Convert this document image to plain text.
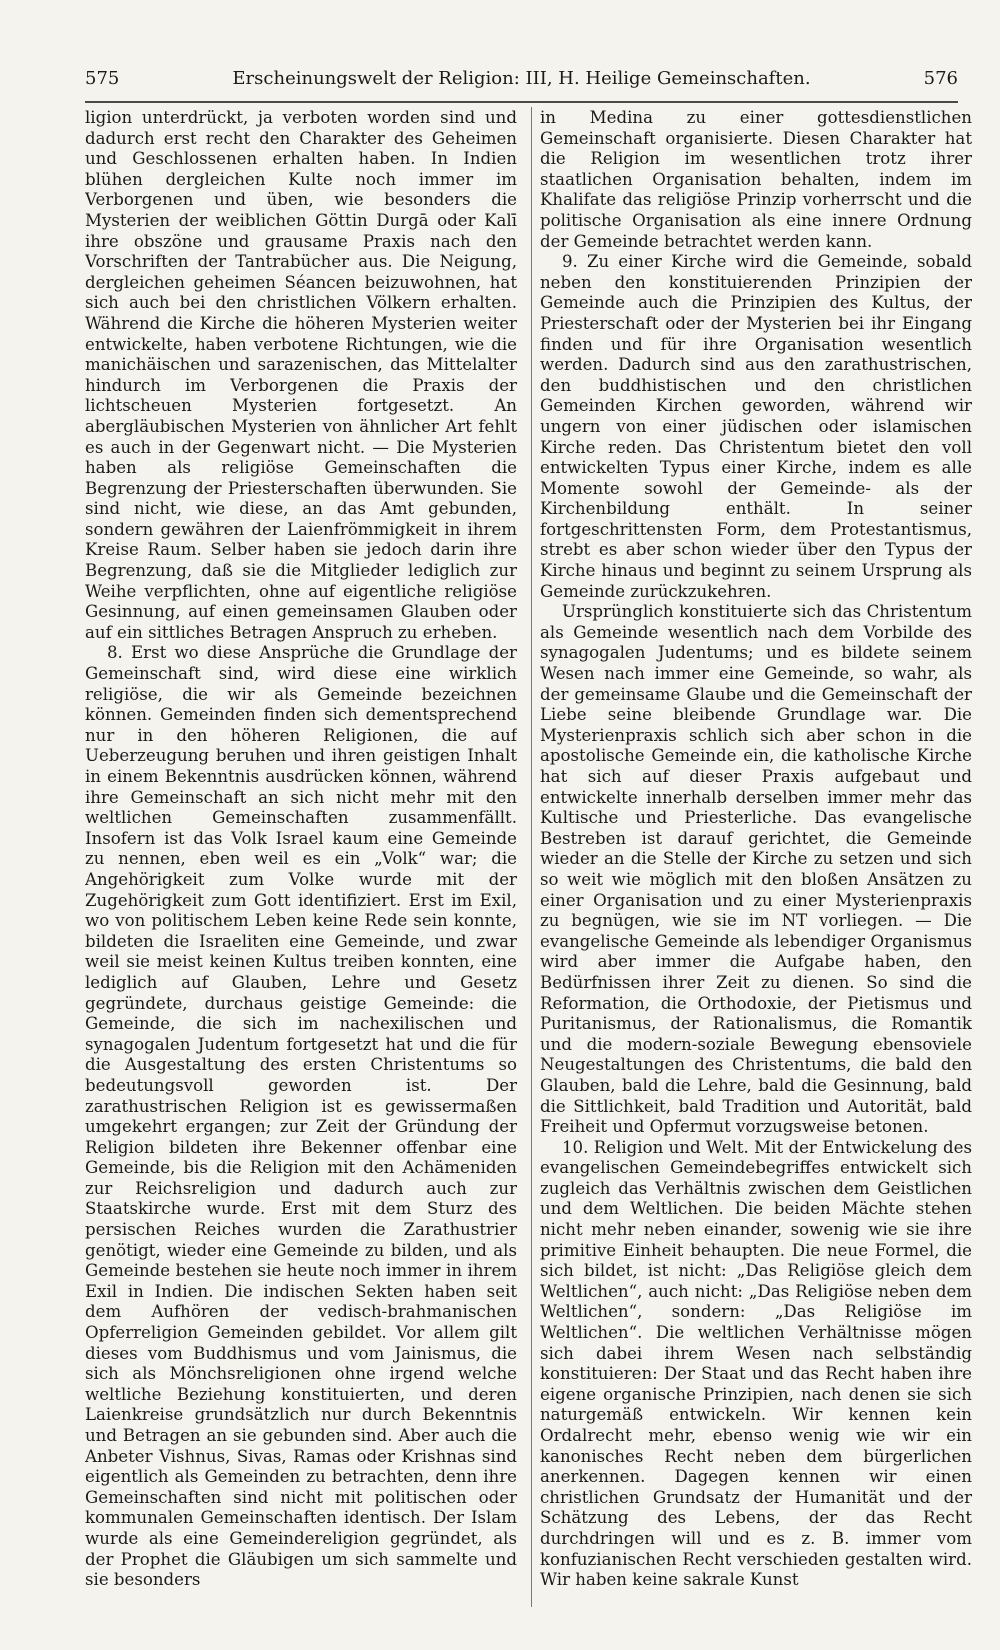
575	Erscheinungswelt der Religion: III, H. Heilige Gemeinschaften.	576

ligion unterdrückt, ja verboten worden sind und dadurch erst recht den Charakter des Geheimen und Geschlossenen erhalten haben. In Indien blühen dergleichen Kulte noch immer im Verborgenen und üben, wie besonders die Mysterien der weiblichen Göttin Durgā oder Kalī ihre obszöne und grausame Praxis nach den Vorschriften der Tantrabücher aus. Die Neigung, dergleichen geheimen Séancen beizuwohnen, hat sich auch bei den christlichen Völkern erhalten. Während die Kirche die höheren Mysterien weiter entwickelte, haben verbotene Richtungen, wie die manichäischen und sarazenischen, das Mittelalter hindurch im Verborgenen die Praxis der lichtscheuen Mysterien fortgesetzt. An abergläubischen Mysterien von ähnlicher Art fehlt es auch in der Gegenwart nicht. — Die Mysterien haben als religiöse Gemeinschaften die Begrenzung der Priesterschaften überwunden. Sie sind nicht, wie diese, an das Amt gebunden, sondern gewähren der Laienfrömmigkeit in ihrem Kreise Raum. Selber haben sie jedoch darin ihre Begrenzung, daß sie die Mitglieder lediglich zur Weihe verpflichten, ohne auf eigentliche religiöse Gesinnung, auf einen gemeinsamen Glauben oder auf ein sittliches Betragen Anspruch zu erheben.

8. Erst wo diese Ansprüche die Grundlage der Gemeinschaft sind, wird diese eine wirklich religiöse, die wir als Gemeinde bezeichnen können. Gemeinden finden sich dementsprechend nur in den höheren Religionen, die auf Ueberzeugung beruhen und ihren geistigen Inhalt in einem Bekenntnis ausdrücken können, während ihre Gemeinschaft an sich nicht mehr mit den weltlichen Gemeinschaften zusammenfällt. Insofern ist das Volk Israel kaum eine Gemeinde zu nennen, eben weil es ein „Volk“ war; die Angehörigkeit zum Volke wurde mit der Zugehörigkeit zum Gott identifiziert. Erst im Exil, wo von politischem Leben keine Rede sein konnte, bildeten die Israeliten eine Gemeinde, und zwar weil sie meist keinen Kultus treiben konnten, eine lediglich auf Glauben, Lehre und Gesetz gegründete, durchaus geistige Gemeinde: die Gemeinde, die sich im nachexilischen und synagogalen Judentum fortgesetzt hat und die für die Ausgestaltung des ersten Christentums so bedeutungsvoll geworden ist. Der zarathustrischen Religion ist es gewissermaßen umgekehrt ergangen; zur Zeit der Gründung der Religion bildeten ihre Bekenner offenbar eine Gemeinde, bis die Religion mit den Achämeniden zur Reichsreligion und dadurch auch zur Staatskirche wurde. Erst mit dem Sturz des persischen Reiches wurden die Zarathustrier genötigt, wieder eine Gemeinde zu bilden, und als Gemeinde bestehen sie heute noch immer in ihrem Exil in Indien. Die indischen Sekten haben seit dem Aufhören der vedisch-brahmanischen Opferreligion Gemeinden gebildet. Vor allem gilt dieses vom Buddhismus und vom Jainismus, die sich als Mönchsreligionen ohne irgend welche weltliche Beziehung konstituierten, und deren Laienkreise grundsätzlich nur durch Bekenntnis und Betragen an sie gebunden sind. Aber auch die Anbeter Vishnus, Sivas, Ramas oder Krishnas sind eigentlich als Gemeinden zu betrachten, denn ihre Gemeinschaften sind nicht mit politischen oder kommunalen Gemeinschaften identisch. Der Islam wurde als eine Gemeindereligion gegründet, als der Prophet die Gläubigen um sich sammelte und sie besonders

in Medina zu einer gottesdienstlichen Gemeinschaft organisierte. Diesen Charakter hat die Religion im wesentlichen trotz ihrer staatlichen Organisation behalten, indem im Khalifate das religiöse Prinzip vorherrscht und die politische Organisation als eine innere Ordnung der Gemeinde betrachtet werden kann.

9. Zu einer Kirche wird die Gemeinde, sobald neben den konstituierenden Prinzipien der Gemeinde auch die Prinzipien des Kultus, der Priesterschaft oder der Mysterien bei ihr Eingang finden und für ihre Organisation wesentlich werden. Dadurch sind aus den zarathustrischen, den buddhistischen und den christlichen Gemeinden Kirchen geworden, während wir ungern von einer jüdischen oder islamischen Kirche reden. Das Christentum bietet den voll entwickelten Typus einer Kirche, indem es alle Momente sowohl der Gemeinde- als der Kirchenbildung enthält. In seiner fortgeschrittensten Form, dem Protestantismus, strebt es aber schon wieder über den Typus der Kirche hinaus und beginnt zu seinem Ursprung als Gemeinde zurückzukehren.

Ursprünglich konstituierte sich das Christentum als Gemeinde wesentlich nach dem Vorbilde des synagogalen Judentums; und es bildete seinem Wesen nach immer eine Gemeinde, so wahr, als der gemeinsame Glaube und die Gemeinschaft der Liebe seine bleibende Grundlage war. Die Mysterienpraxis schlich sich aber schon in die apostolische Gemeinde ein, die katholische Kirche hat sich auf dieser Praxis aufgebaut und entwickelte innerhalb derselben immer mehr das Kultische und Priesterliche. Das evangelische Bestreben ist darauf gerichtet, die Gemeinde wieder an die Stelle der Kirche zu setzen und sich so weit wie möglich mit den bloßen Ansätzen zu einer Organisation und zu einer Mysterienpraxis zu begnügen, wie sie im NT vorliegen. — Die evangelische Gemeinde als lebendiger Organismus wird aber immer die Aufgabe haben, den Bedürfnissen ihrer Zeit zu dienen. So sind die Reformation, die Orthodoxie, der Pietismus und Puritanismus, der Rationalismus, die Romantik und die modern-soziale Bewegung ebensoviele Neugestaltungen des Christentums, die bald den Glauben, bald die Lehre, bald die Gesinnung, bald die Sittlichkeit, bald Tradition und Autorität, bald Freiheit und Opfermut vorzugsweise betonen.

10. Religion und Welt. Mit der Entwickelung des evangelischen Gemeindebegriffes entwickelt sich zugleich das Verhältnis zwischen dem Geistlichen und dem Weltlichen. Die beiden Mächte stehen nicht mehr neben einander, sowenig wie sie ihre primitive Einheit behaupten. Die neue Formel, die sich bildet, ist nicht: „Das Religiöse gleich dem Weltlichen“, auch nicht: „Das Religiöse neben dem Weltlichen“, sondern: „Das Religiöse im Weltlichen“. Die weltlichen Verhältnisse mögen sich dabei ihrem Wesen nach selbständig konstituieren: Der Staat und das Recht haben ihre eigene organische Prinzipien, nach denen sie sich naturgemäß entwickeln. Wir kennen kein Ordalrecht mehr, ebenso wenig wie wir ein kanonisches Recht neben dem bürgerlichen anerkennen. Dagegen kennen wir einen christlichen Grundsatz der Humanität und der Schätzung des Lebens, der das Recht durchdringen will und es z. B. immer vom konfuzianischen Recht verschieden gestalten wird. Wir haben keine sakrale Kunst
